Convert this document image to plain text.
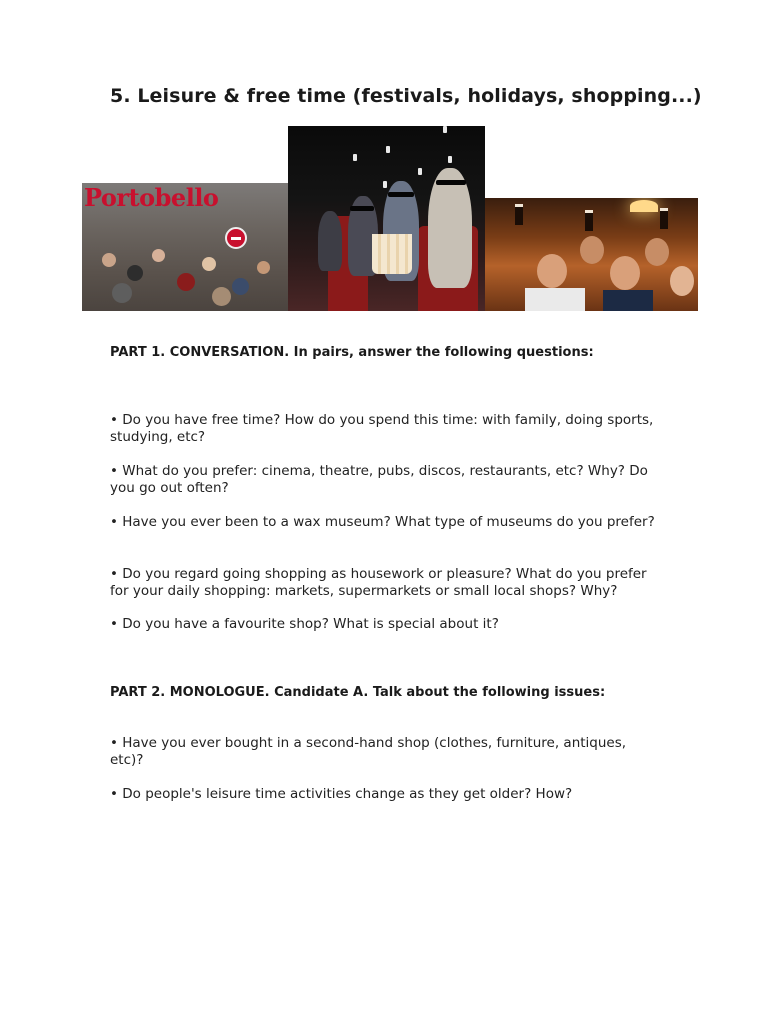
5. Leisure & free time (festivals, holidays, shopping...)
Portobello
PART 1. CONVERSATION. In pairs, answer the following questions:
• Do you have free time? How do you spend this time: with family, doing sports, studying, etc?
• What do you prefer: cinema, theatre, pubs, discos, restaurants, etc? Why? Do you go out often?
• Have you ever been to a wax museum? What type of museums do you prefer?
• Do you regard going shopping as housework or pleasure? What do you prefer for your daily shopping: markets, supermarkets or small local shops? Why?
• Do you have a favourite shop? What is special about it?
PART 2. MONOLOGUE. Candidate A. Talk about the following issues:
• Have you ever bought in a second-hand shop (clothes, furniture, antiques, etc)?
• Do people's leisure time activities change as they get older? How?
